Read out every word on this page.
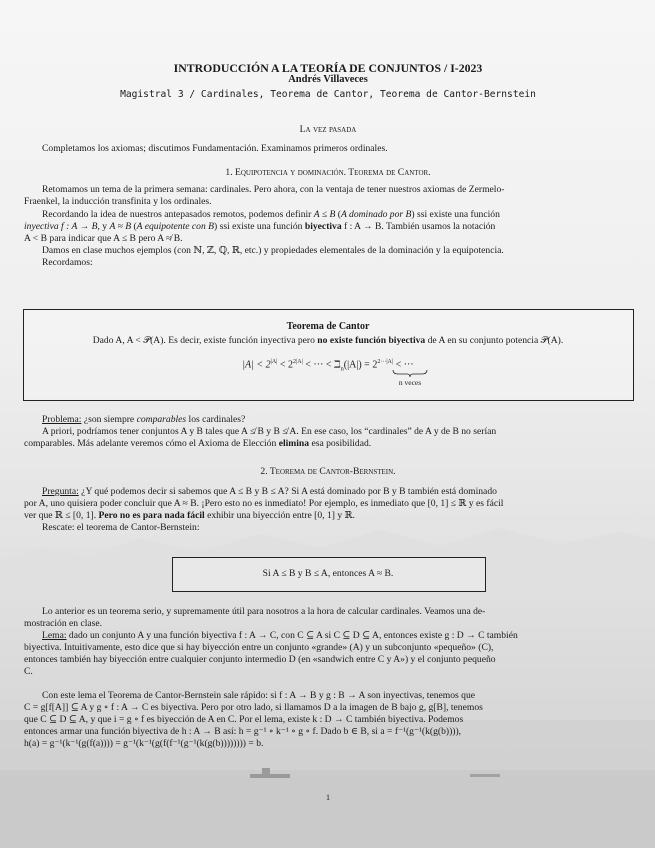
INTRODUCCIÓN A LA TEORÍA DE CONJUNTOS / I-2023
Andrés Villaveces
Magistral 3 / Cardinales, Teorema de Cantor, Teorema de Cantor-Bernstein
La vez pasada
Completamos los axiomas; discutimos Fundamentación. Examinamos primeros ordinales.
1. Equipotencia y dominación. Teorema de Cantor.
Retomamos un tema de la primera semana: cardinales. Pero ahora, con la ventaja de tener nuestros axiomas de Zermelo-
Fraenkel, la inducción transfinita y los ordinales.
Recordando la idea de nuestros antepasados remotos, podemos definir A ≤ B (A dominado por B) ssi existe una función
inyectiva f : A → B, y A ≈ B (A equipotente con B) ssi existe una función biyectiva f : A → B. También usamos la notación
A < B para indicar que A ≤ B pero A ≉ B.
Damos en clase muchos ejemplos (con ℕ, ℤ, ℚ, ℝ, etc.) y propiedades elementales de la dominación y la equipotencia.
Recordamos:
Teorema de Cantor
Dado A, A < 𝒫(A). Es decir, existe función inyectiva pero no existe función biyectiva de A en su conjunto potencia 𝒫(A).
$|A| < 2^{|A|} < 2^{2|A|}$ < ··· < ℶ$_n$(|A|) = $2^{2\cdot\cdot\cdot|A|}$ < ···
n veces
Problema: ¿son siempre comparables los cardinales?
A priori, podríamos tener conjuntos A y B tales que A ≰ B y B ≰ A. En ese caso, los “cardinales” de A y de B no serían
comparables. Más adelante veremos cómo el Axioma de Elección elimina esa posibilidad.
2. Teorema de Cantor-Bernstein.
Pregunta: ¿Y qué podemos decir si sabemos que A ≤ B y B ≤ A? Si A está dominado por B y B también está dominado
por A, uno quisiera poder concluir que A ≈ B. ¡Pero esto no es inmediato! Por ejemplo, es inmediato que [0, 1] ≤ ℝ y es fácil
ver que ℝ ≤ [0, 1]. Pero no es para nada fácil exhibir una biyección entre [0, 1] y ℝ.
Rescate: el teorema de Cantor-Bernstein:
Si A ≤ B y B ≤ A, entonces A ≈ B.
Lo anterior es un teorema serio, y supremamente útil para nosotros a la hora de calcular cardinales. Veamos una de-
mostración en clase.
Lema: dado un conjunto A y una función biyectiva f : A → C, con C ⊆ A si C ⊆ D ⊆ A, entonces existe g : D → C también
biyectiva. Intuitivamente, esto dice que si hay biyección entre un conjunto «grande» (A) y un subconjunto «pequeño» (C),
entonces también hay biyección entre cualquier conjunto intermedio D (en «sandwich entre C y A») y el conjunto pequeño
C.
Con este lema el Teorema de Cantor-Bernstein sale rápido: si f : A → B y g : B → A son inyectivas, tenemos que
C = g[f[A]] ⊆ A y g ∘ f : A → C es biyectiva. Pero por otro lado, si llamamos D a la imagen de B bajo g, g[B], tenemos
que C ⊆ D ⊆ A, y que i = g ∘ f es biyección de A en C. Por el lema, existe k : D → C también biyectiva. Podemos
entonces armar una función biyectiva de h : A → B así: h = g⁻¹ ∘ k⁻¹ ∘ g ∘ f. Dado b ∈ B, si a = f⁻¹(g⁻¹(k(g(b)))),
h(a) = g⁻¹(k⁻¹(g(f(a)))) = g⁻¹(k⁻¹(g(f(f⁻¹(g⁻¹(k(g(b)))))))) = b.
1
